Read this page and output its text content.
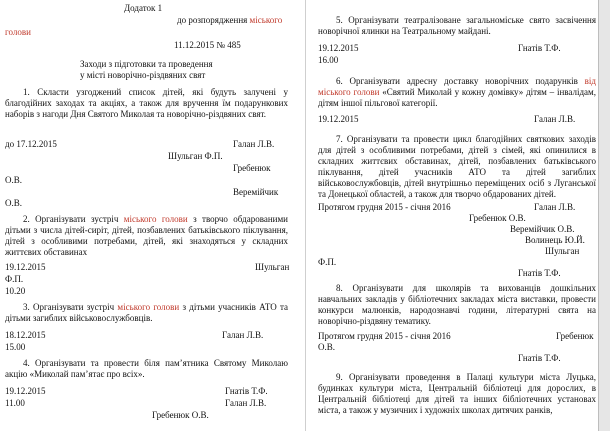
Додаток 1

до розпорядження міського

голови

11.12.2015 № 485

Заходи з підготовки та проведення

у місті новорічно-різдвяних свят

1. Скласти узгоджений список дітей, які будуть залучені у благодійних заходах та акціях, а також для вручення їм подарункових наборів з нагоди Дня Святого Миколая та новорічно-різдвяних свят.

до 17.12.2015	Галан Л.В.

Шульган Ф.П.

Гребенюк

О.В.

Веремійчик

О.В.

2. Організувати зустріч міського голови з творчо обдарованими дітьми з числа дітей-сиріт, дітей, позбавлених батьківського піклування, дітей з особливими потребами, дітей, які знаходяться у складних життєвих обставинах

19.12.2015	Шульган

Ф.П.

10.20

3. Організувати зустріч міського голови з дітьми учасників АТО та дітьми загиблих військовослужбовців.

18.12.2015	Галан Л.В.

15.00

4. Організувати та провести біля пам’ятника Святому Миколаю акцію «Миколай пам’ятає про всіх».

19.12.2015	Гнатів Т.Ф.

11.00	Галан Л.В.

Гребенюк О.В.

5. Організувати театралізоване загальноміське свято засвічення новорічної ялинки на Театральному майдані.

19.12.2015	Гнатів Т.Ф.

16.00

6. Організувати адресну доставку новорічних подарунків від міського голови «Святий Миколай у кожну домівку» дітям – інвалідам, дітям іншої пільгової категорії.

19.12.2015	Галан Л.В.

7. Організувати та провести цикл благодійних святкових заходів для дітей з особливими потребами, дітей з сімей, які опинилися в складних життєвих обставинах, дітей, позбавлених батьківського піклування, дітей учасників АТО та дітей загиблих військовослужбовців, дітей внутрішньо переміщених осіб з Луганської та Донецької областей, а також для творчо обдарованих дітей.

Протягом грудня 2015 - січня 2016	Галан Л.В.

Гребенюк О.В.

Веремійчик О.В.

Волинець Ю.Й.

Шульган

Ф.П.

Гнатів Т.Ф.

8. Організувати для школярів та вихованців дошкільних навчальних закладів у бібліотечних закладах міста виставки, провести конкурси малюнків, народознавчі години, літературні свята на новорічно-різдвяну тематику.

Протягом грудня 2015 - січня 2016	Гребенюк

О.В.

Гнатів Т.Ф.

9. Організувати проведення в Палаці культури міста Луцька, будинках культури міста, Центральній бібліотеці для дорослих, в Центральній бібліотеці для дітей та інших бібліотечних установах міста, а також у музичних і художніх школах дитячих ранків,
